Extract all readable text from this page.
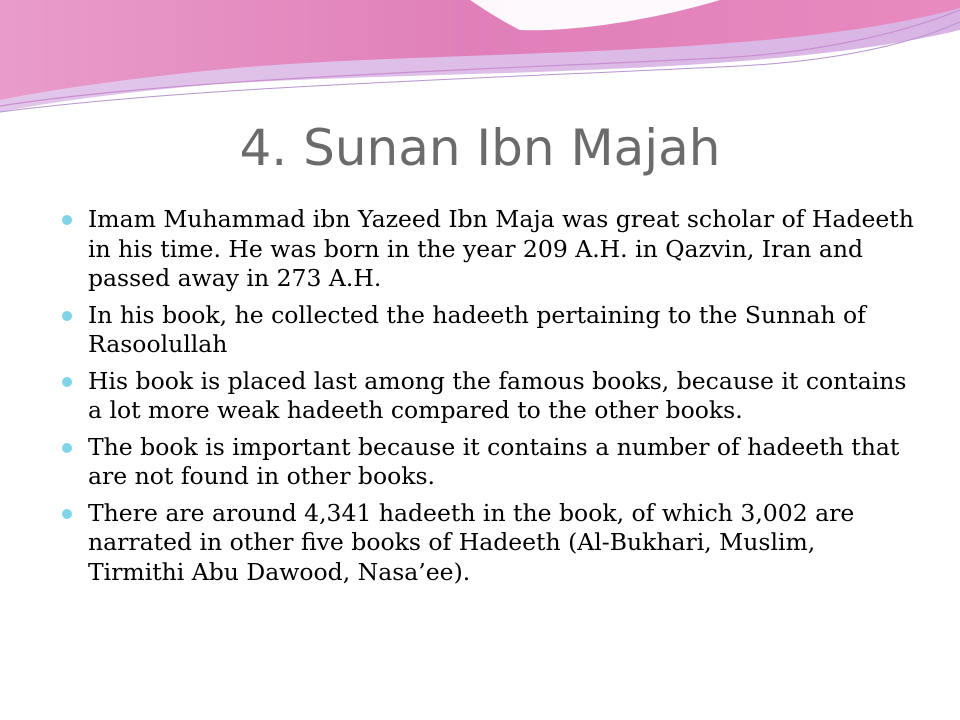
4. Sunan Ibn Majah
Imam Muhammad ibn Yazeed Ibn Maja was great scholar of Hadeeth in his time. He was born in the year 209 A.H. in Qazvin, Iran and passed away in 273 A.H.
In his book, he collected the hadeeth pertaining to the Sunnah of Rasoolullah
His book is placed last among the famous books, because it contains a lot more weak hadeeth compared to the other books.
The book is important because it contains a number of hadeeth that are not found in other books.
There are around 4,341 hadeeth in the book, of which 3,002 are narrated in other five books of Hadeeth (Al-Bukhari, Muslim, Tirmithi Abu Dawood, Nasa’ee).
